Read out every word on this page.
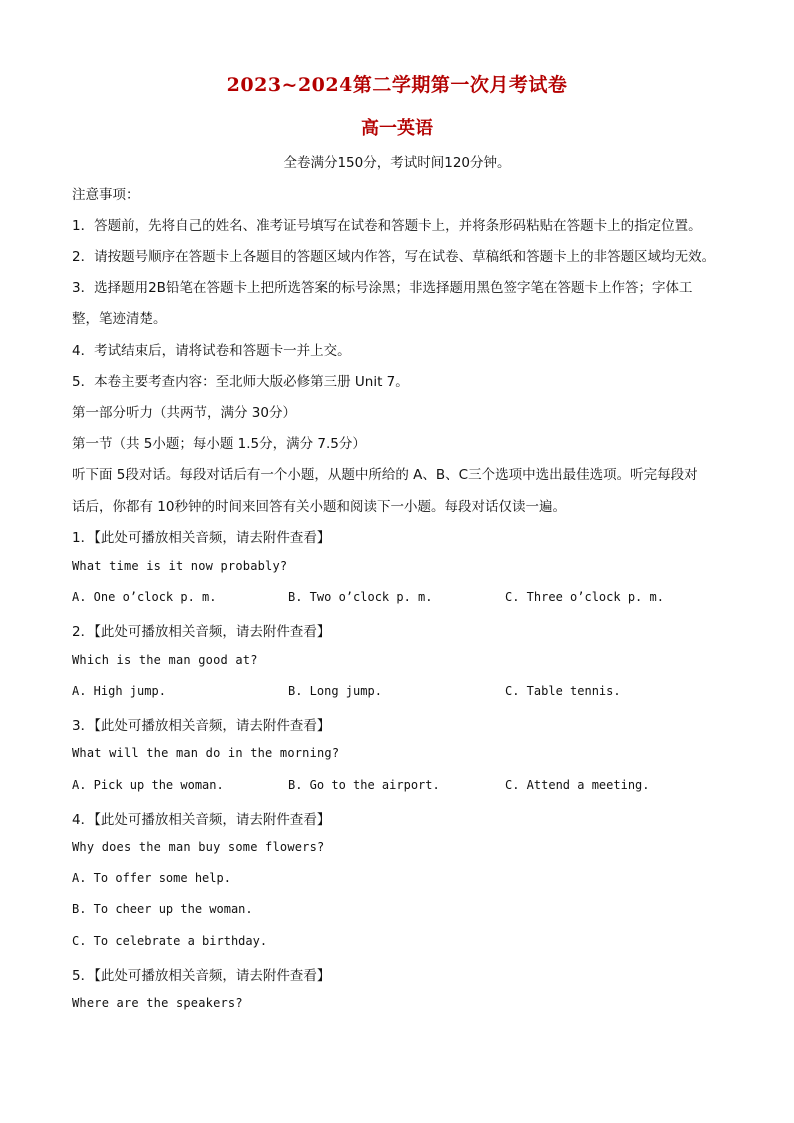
2023~2024第二学期第一次月考试卷
高一英语
全卷满分150分，考试时间120分钟。
注意事项：
1．答题前，先将自己的姓名、准考证号填写在试卷和答题卡上，并将条形码粘贴在答题卡上的指定位置。
2．请按题号顺序在答题卡上各题目的答题区域内作答，写在试卷、草稿纸和答题卡上的非答题区域均无效。
3．选择题用2B铅笔在答题卡上把所选答案的标号涂黑；非选择题用黑色签字笔在答题卡上作答；字体工
整，笔迹清楚。
4．考试结束后，请将试卷和答题卡一并上交。
5．本卷主要考查内容：至北师大版必修第三册 Unit 7。
第一部分听力（共两节，满分 30分）
第一节（共 5小题；每小题 1.5分，满分 7.5分）
听下面 5段对话。每段对话后有一个小题，从题中所给的 A、B、C三个选项中选出最佳选项。听完每段对
话后，你都有 10秒钟的时间来回答有关小题和阅读下一小题。每段对话仅读一遍。
1．【此处可播放相关音频，请去附件查看】
What time is it now probably?
A. One o’clock p. m.	B. Two o’clock p. m.	C. Three o’clock p. m.
2．【此处可播放相关音频，请去附件查看】
Which is the man good at?
A. High jump.	B. Long jump.	C. Table tennis.
3．【此处可播放相关音频，请去附件查看】
What will the man do in the morning?
A. Pick up the woman.	B. Go to the airport.	C. Attend a meeting.
4．【此处可播放相关音频，请去附件查看】
Why does the man buy some flowers?
A. To offer some help.
B. To cheer up the woman.
C. To celebrate a birthday.
5．【此处可播放相关音频，请去附件查看】
Where are the speakers?
